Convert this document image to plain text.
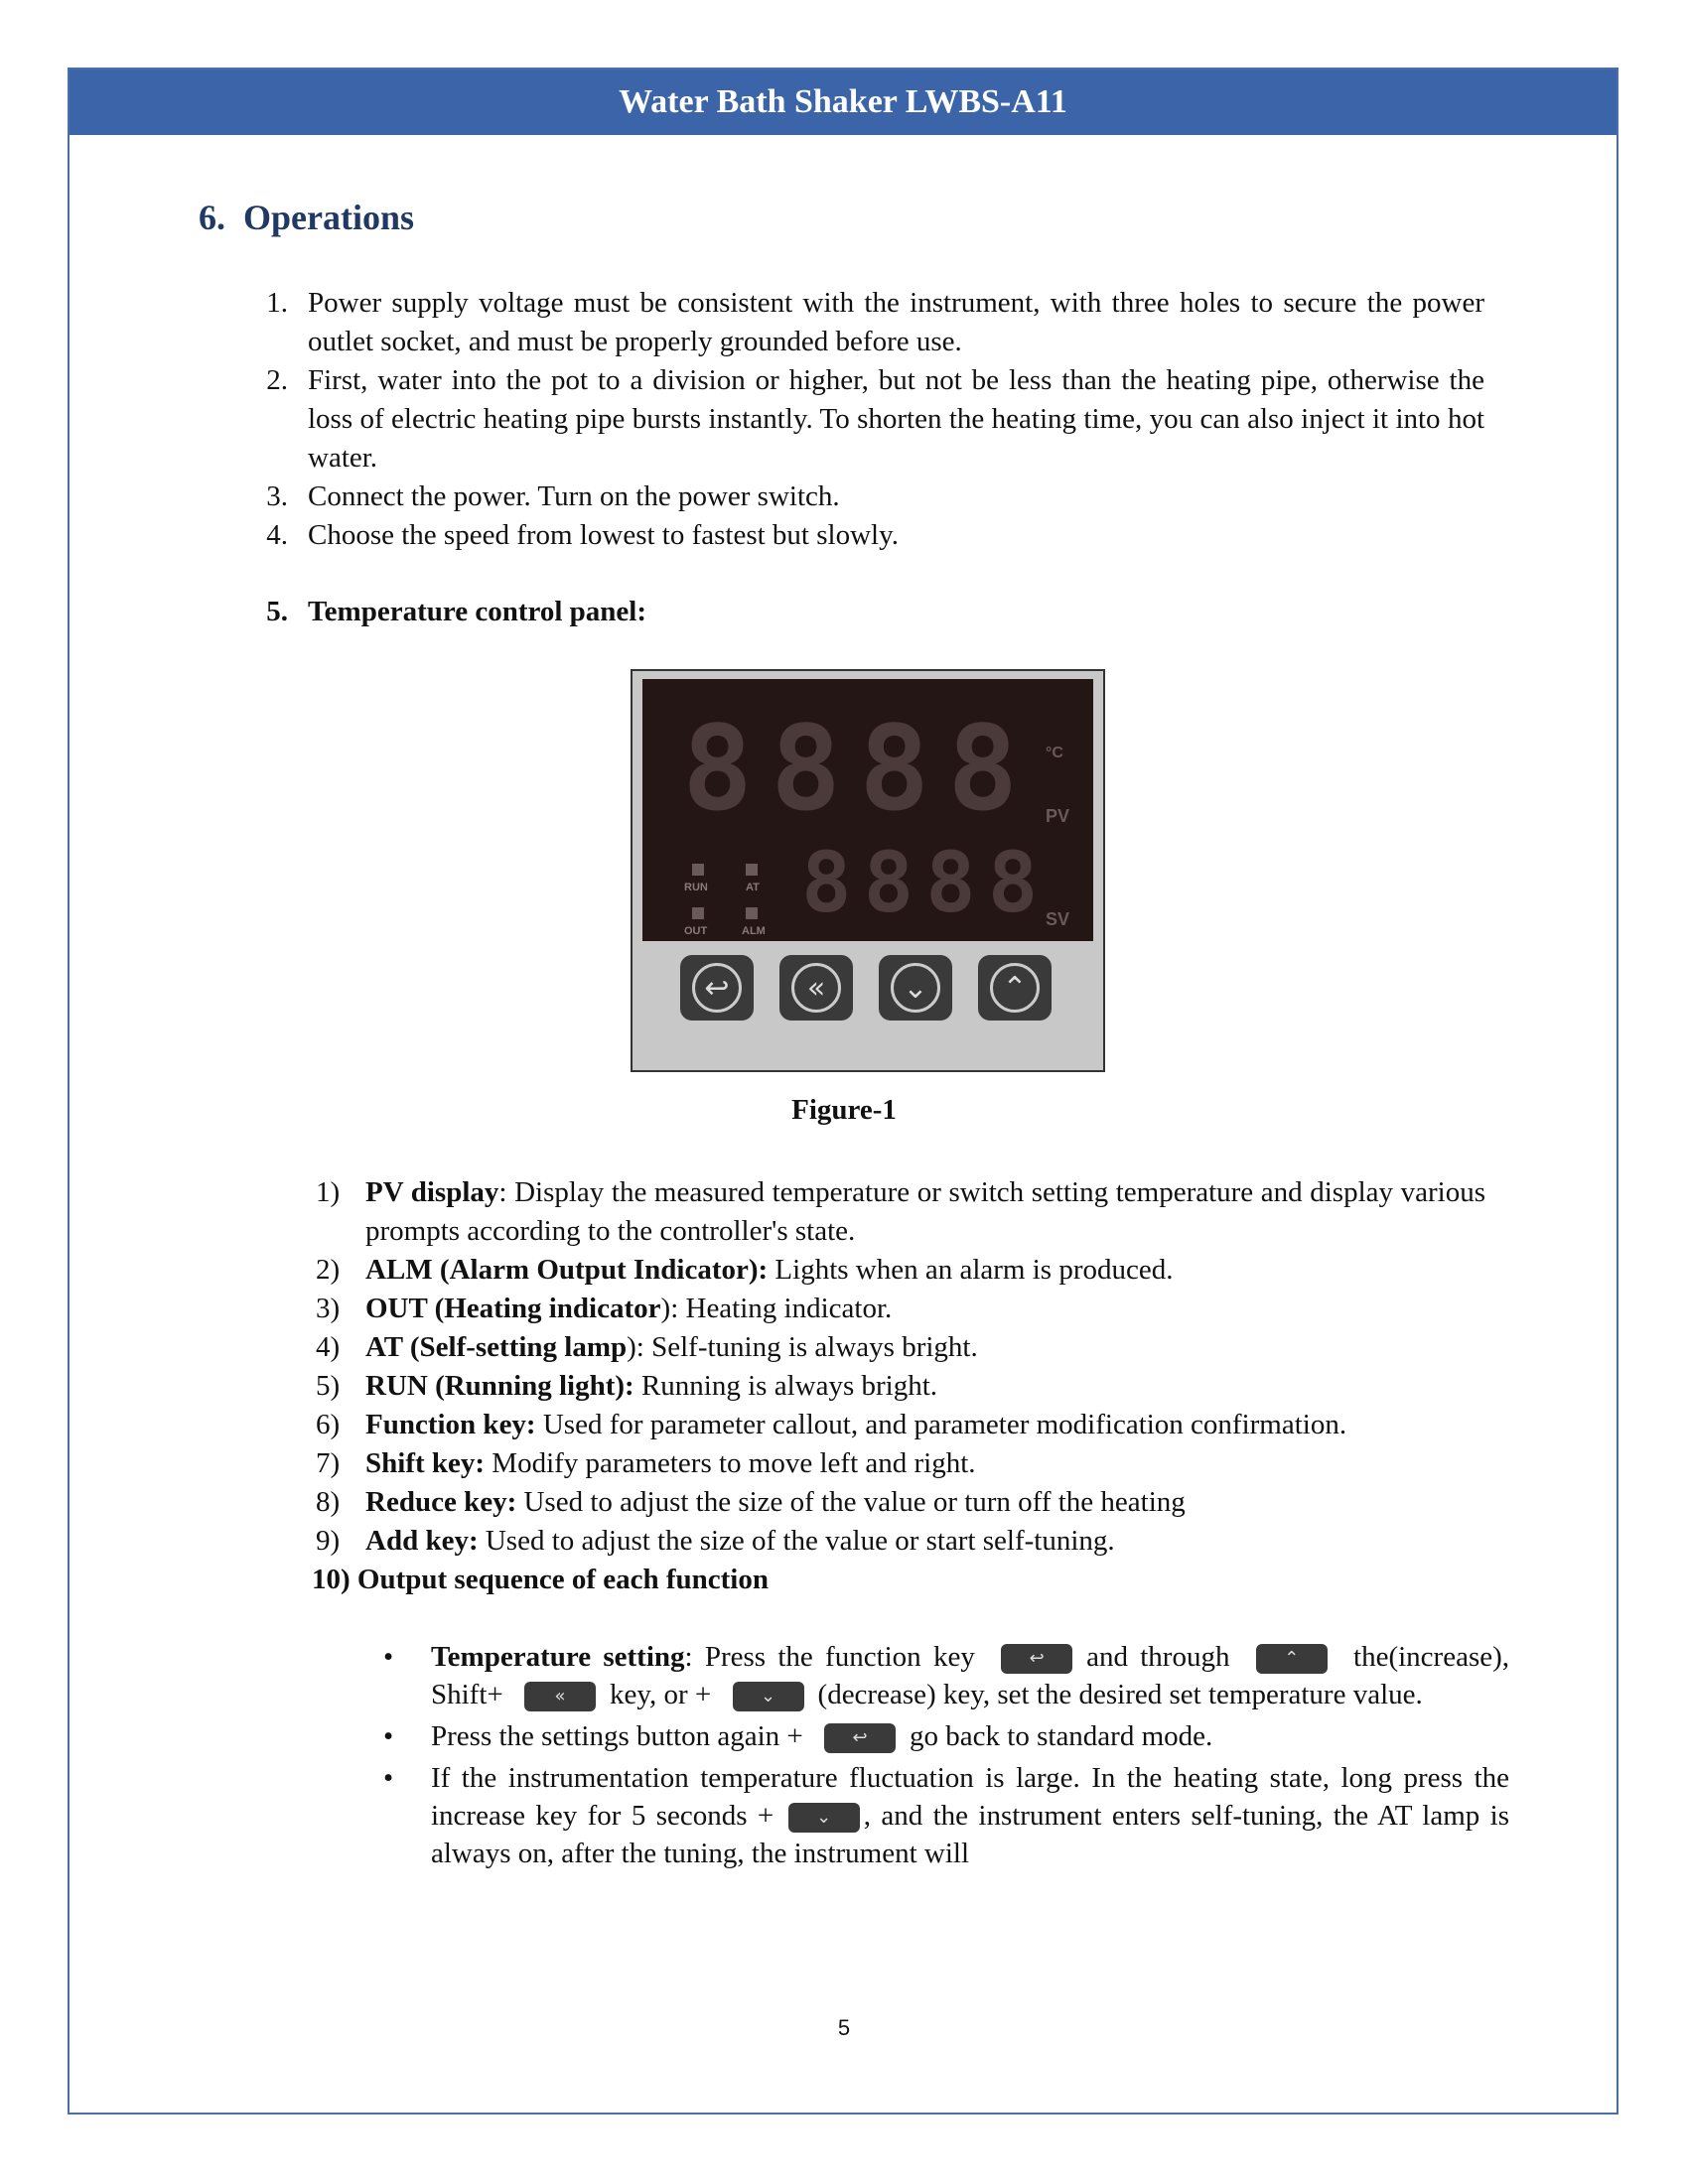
Water Bath Shaker LWBS-A11
6. Operations
1. Power supply voltage must be consistent with the instrument, with three holes to secure the power outlet socket, and must be properly grounded before use.
2. First, water into the pot to a division or higher, but not be less than the heating pipe, otherwise the loss of electric heating pipe bursts instantly. To shorten the heating time, you can also inject it into hot water.
3. Connect the power. Turn on the power switch.
4. Choose the speed from lowest to fastest but slowly.
5. Temperature control panel:
8888 °C
PV
RUN	AT
OUT	ALM 8888
SV
↩	«	⌄	⌃
Figure-1
1) PV display: Display the measured temperature or switch setting temperature and display various prompts according to the controller's state.
2) ALM (Alarm Output Indicator): Lights when an alarm is produced.
3) OUT (Heating indicator): Heating indicator.
4) AT (Self-setting lamp): Self-tuning is always bright.
5) RUN (Running light): Running is always bright.
6) Function key: Used for parameter callout, and parameter modification confirmation.
7) Shift key: Modify parameters to move left and right.
8) Reduce key: Used to adjust the size of the value or turn off the heating
9) Add key: Used to adjust the size of the value or start self-tuning.
10) Output sequence of each function
• Temperature setting: Press the function key	↩ and through	⌃ the(increase), Shift+	« key, or +	⌄ (decrease) key, set the desired set temperature value.
• Press the settings button again +	↩ go back to standard mode.
• If the instrumentation temperature fluctuation is large. In the heating state, long press the increase key for 5 seconds + ⌄ , and the instrument enters self-tuning, the AT lamp is always on, after the tuning, the instrument will
5
